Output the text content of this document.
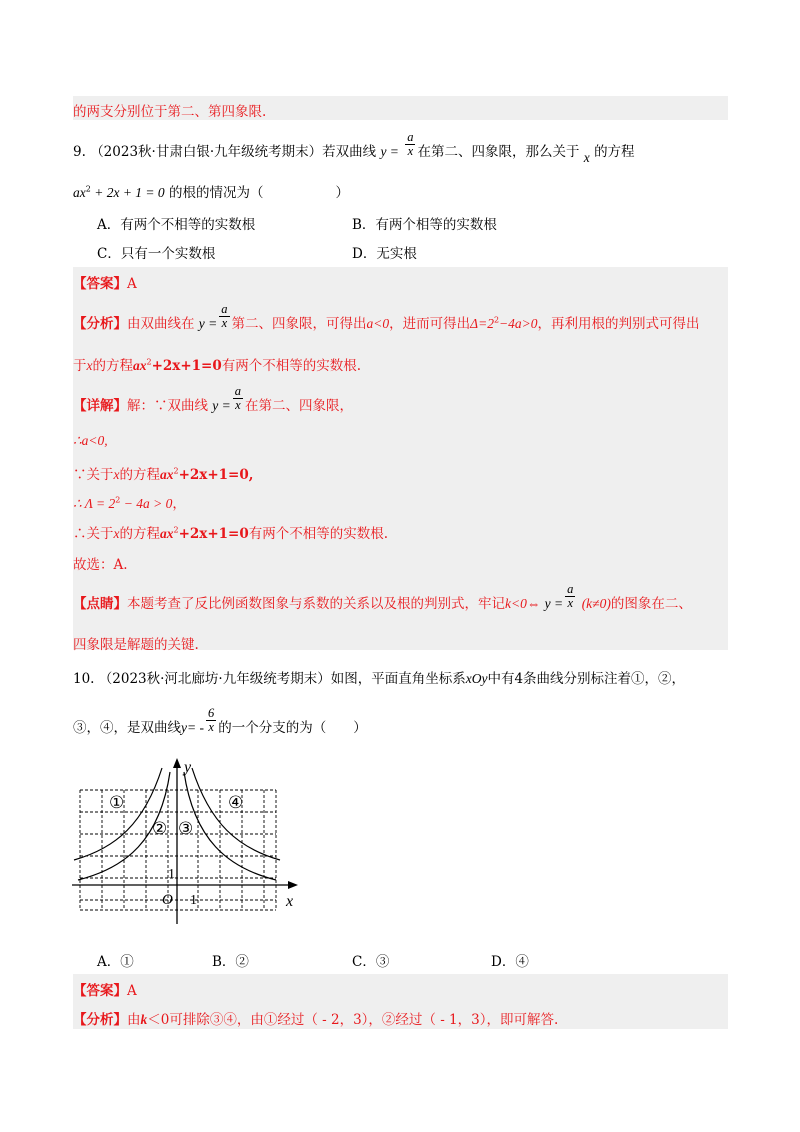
的两支分别位于第二、第四象限.
9. （2023秋·甘肃白银·九年级统考期末）若双曲线 $y = \frac{a}{x}$ 在第二、四象限，那么关于 x 的方程
$ax^2 + 2x + 1 = 0$ 的根的情况为（	）
A．有两个不相等的实数根	B．有两个相等的实数根
C．只有一个实数根	D．无实根
【答案】A
【分析】由双曲线在 $y = \frac{a}{x}$ 第二、四象限，可得出a<0，进而可得出$\Delta=2^2-4a>0$，再利用根的判别式可得出
于x的方程$ax^2+2x+1=0$有两个不相等的实数根.
【详解】解：∵双曲线 $y = \frac{a}{x}$ 在第二、四象限，
∴a<0,
∵关于x的方程$ax^2+2x+1=0$,
∴ $\Lambda = 2^2 - 4a > 0$，
∴关于x的方程$ax^2+2x+1=0$有两个不相等的实数根.
故选：A.
【点睛】本题考查了反比例函数图象与系数的关系以及根的判别式，牢记k<0⇔ $y = \frac{a}{x} (k\ne 0)$的图象在二、
四象限是解题的关键.
10. （2023秋·河北廊坊·九年级统考期末）如图，平面直角坐标系xOy中有4条曲线分别标注着①，②，
③，④，是双曲线$y= - \frac{6}{x}$ 的一个分支的为（　　）
y
x
O 1
1
①
② ③
④
A．①	B．②	C．③	D．④
【答案】A
【分析】由k＜0可排除③④，由①经过（ - 2，3），②经过（ - 1，3），即可解答.
